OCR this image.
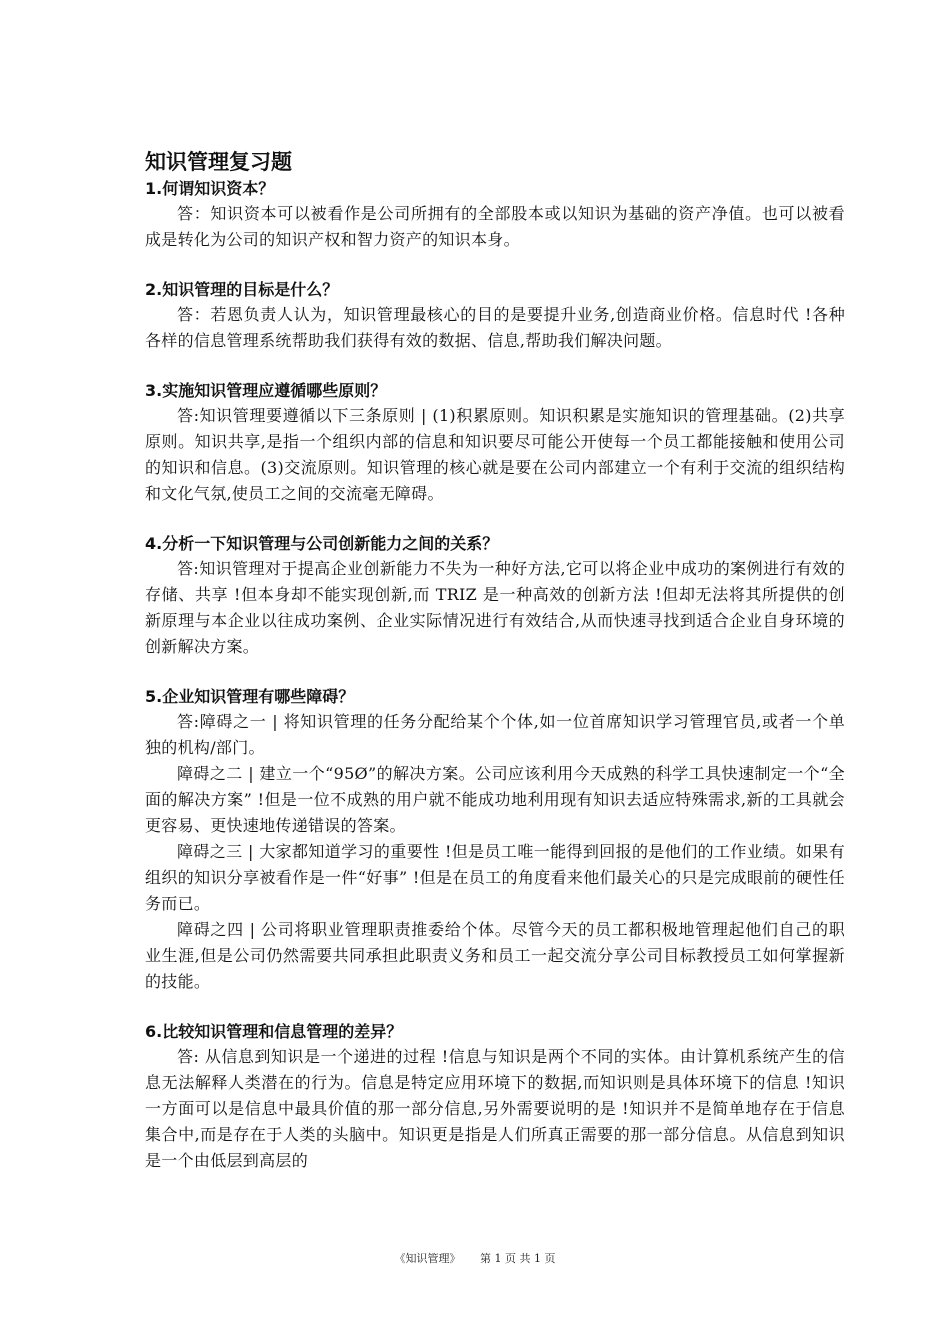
知识管理复习题
1.何谓知识资本？

答：知识资本可以被看作是公司所拥有的全部股本或以知识为基础的资产净值。也可以被看成是转化为公司的知识产权和智力资产的知识本身。

2.知识管理的目标是什么？

答：若恩负责人认为，知识管理最核心的目的是要提升业务,创造商业价格。信息时代 !各种各样的信息管理系统帮助我们获得有效的数据、信息,帮助我们解决问题。

3.实施知识管理应遵循哪些原则？

答:知识管理要遵循以下三条原则 | (1)积累原则。知识积累是实施知识的管理基础。(2)共享原则。知识共享,是指一个组织内部的信息和知识要尽可能公开使每一个员工都能接触和使用公司的知识和信息。(3)交流原则。知识管理的核心就是要在公司内部建立一个有利于交流的组织结构和文化气氛,使员工之间的交流毫无障碍。

4.分析一下知识管理与公司创新能力之间的关系？

答:知识管理对于提高企业创新能力不失为一种好方法,它可以将企业中成功的案例进行有效的存储、共享 !但本身却不能实现创新,而 TRIZ 是一种高效的创新方法 !但却无法将其所提供的创新原理与本企业以往成功案例、企业实际情况进行有效结合,从而快速寻找到适合企业自身环境的创新解决方案。

5.企业知识管理有哪些障碍？

答:障碍之一 | 将知识管理的任务分配给某个个体,如一位首席知识学习管理官员,或者一个单独的机构/部门。

障碍之二 | 建立一个“95Ø”的解决方案。公司应该利用今天成熟的科学工具快速制定一个“全面的解决方案” !但是一位不成熟的用户就不能成功地利用现有知识去适应特殊需求,新的工具就会更容易、更快速地传递错误的答案。

障碍之三 | 大家都知道学习的重要性 !但是员工唯一能得到回报的是他们的工作业绩。如果有组织的知识分享被看作是一件“好事” !但是在员工的角度看来他们最关心的只是完成眼前的硬性任务而已。

障碍之四 | 公司将职业管理职责推委给个体。尽管今天的员工都积极地管理起他们自己的职业生涯,但是公司仍然需要共同承担此职责义务和员工一起交流分享公司目标教授员工如何掌握新的技能。

6.比较知识管理和信息管理的差异？

答: 从信息到知识是一个递进的过程 !信息与知识是两个不同的实体。由计算机系统产生的信息无法解释人类潜在的行为。信息是特定应用环境下的数据,而知识则是具体环境下的信息 !知识一方面可以是信息中最具价值的那一部分信息,另外需要说明的是 !知识并不是简单地存在于信息集合中,而是存在于人类的头脑中。知识更是指是人们所真正需要的那一部分信息。从信息到知识是一个由低层到高层的

《知识管理》 第 1 页 共 1 页
